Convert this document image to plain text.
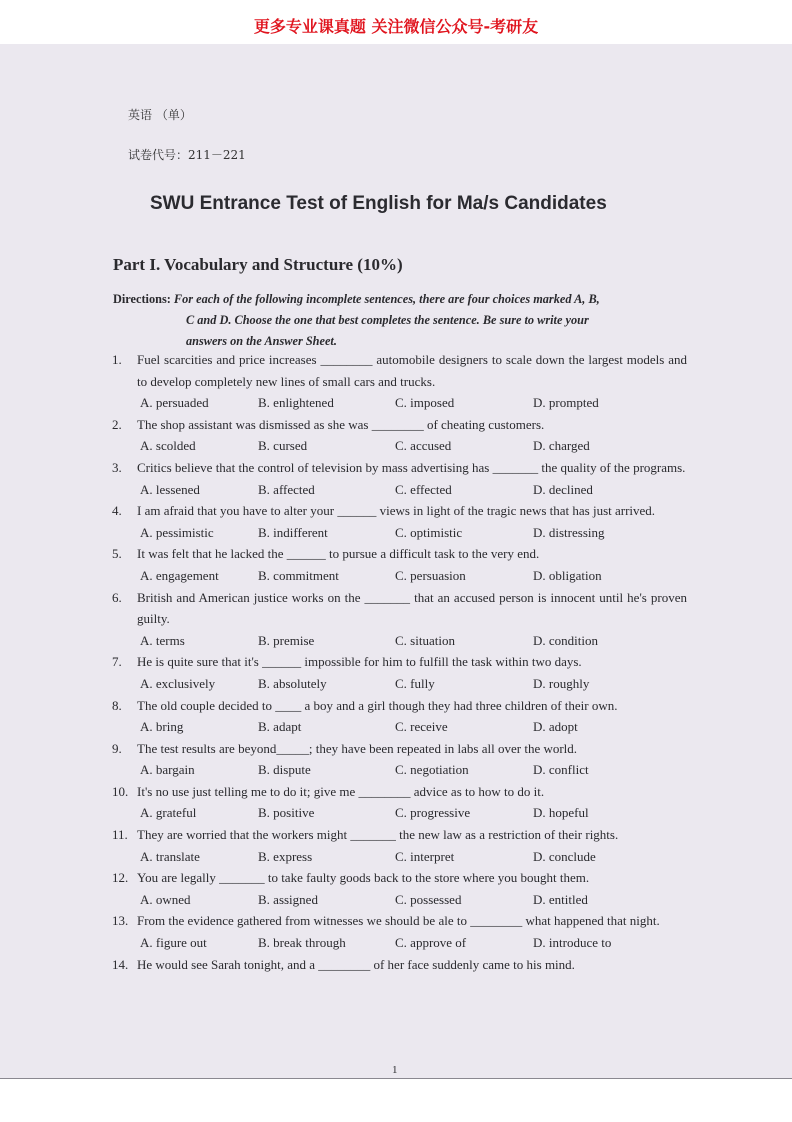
更多专业课真题 关注微信公众号-考研友
英语 （单）
试卷代号：211－221
SWU Entrance Test of English for Ma/s Candidates
Part I. Vocabulary and Structure (10%)
Directions: For each of the following incomplete sentences, there are four choices marked A, B,
C and D. Choose the one that best completes the sentence. Be sure to write your
answers on the Answer Sheet.
1. Fuel scarcities and price increases ________ automobile designers to scale down the largest models and to develop completely new lines of small cars and trucks.
A. persuaded	B. enlightened	C. imposed	D. prompted
2. The shop assistant was dismissed as she was ________ of cheating customers.
A. scolded	B. cursed	C. accused	D. charged
3. Critics believe that the control of television by mass advertising has _______ the quality of the programs.
A. lessened	B. affected	C. effected	D. declined
4. I am afraid that you have to alter your ______ views in light of the tragic news that has just arrived.
A. pessimistic	B. indifferent	C. optimistic	D. distressing
5. It was felt that he lacked the ______ to pursue a difficult task to the very end.
A. engagement	B. commitment	C. persuasion	D. obligation
6. British and American justice works on the _______ that an accused person is innocent until he's proven guilty.
A. terms	B. premise	C. situation	D. condition
7. He is quite sure that it's ______ impossible for him to fulfill the task within two days.
A. exclusively	B. absolutely	C. fully	D. roughly
8. The old couple decided to ____ a boy and a girl though they had three children of their own.
A. bring	B. adapt	C. receive	D. adopt
9. The test results are beyond_____; they have been repeated in labs all over the world.
A. bargain	B. dispute	C. negotiation	D. conflict
10. It's no use just telling me to do it; give me ________ advice as to how to do it.
A. grateful	B. positive	C. progressive	D. hopeful
11. They are worried that the workers might _______ the new law as a restriction of their rights.
A. translate	B. express	C. interpret	D. conclude
12. You are legally _______ to take faulty goods back to the store where you bought them.
A. owned	B. assigned	C. possessed	D. entitled
13. From the evidence gathered from witnesses we should be ale to ________ what happened that night.
A. figure out	B. break through	C. approve of	D. introduce to
14. He would see Sarah tonight, and a ________ of her face suddenly came to his mind.
1
